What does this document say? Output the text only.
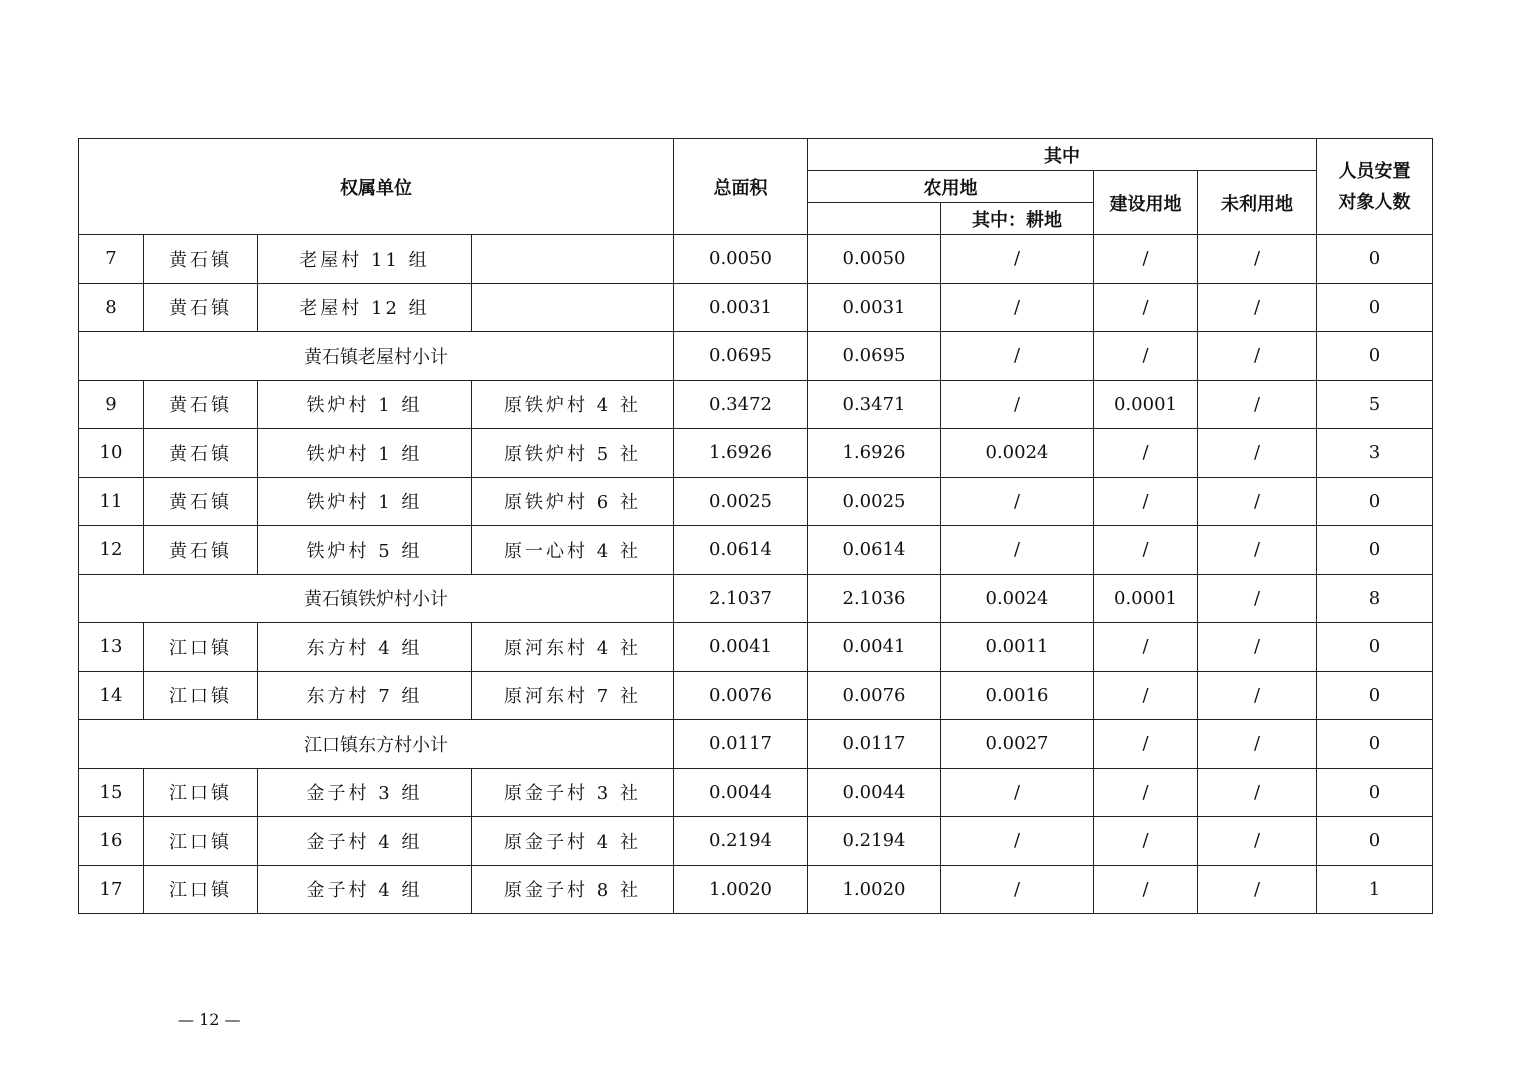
权属单位				总面积	其中				人员安置对象人数

					农用地		建设用地	未利用地	
						其中：耕地			
7	黄石镇	老屋村 11 组		0.0050	0.0050	/	/	/	0
8	黄石镇	老屋村 12 组		0.0031	0.0031	/	/	/	0
黄石镇老屋村小计				0.0695	0.0695	/	/	/	0
9	黄石镇	铁炉村 1 组	原铁炉村 4 社	0.3472	0.3471	/	0.0001	/	5
10	黄石镇	铁炉村 1 组	原铁炉村 5 社	1.6926	1.6926	0.0024	/	/	3
11	黄石镇	铁炉村 1 组	原铁炉村 6 社	0.0025	0.0025	/	/	/	0
12	黄石镇	铁炉村 5 组	原一心村 4 社	0.0614	0.0614	/	/	/	0
黄石镇铁炉村小计				2.1037	2.1036	0.0024	0.0001	/	8
13	江口镇	东方村 4 组	原河东村 4 社	0.0041	0.0041	0.0011	/	/	0
14	江口镇	东方村 7 组	原河东村 7 社	0.0076	0.0076	0.0016	/	/	0
江口镇东方村小计				0.0117	0.0117	0.0027	/	/	0
15	江口镇	金子村 3 组	原金子村 3 社	0.0044	0.0044	/	/	/	0
16	江口镇	金子村 4 组	原金子村 4 社	0.2194	0.2194	/	/	/	0
17	江口镇	金子村 4 组	原金子村 8 社	1.0020	1.0020	/	/	/	1
— 12 —
